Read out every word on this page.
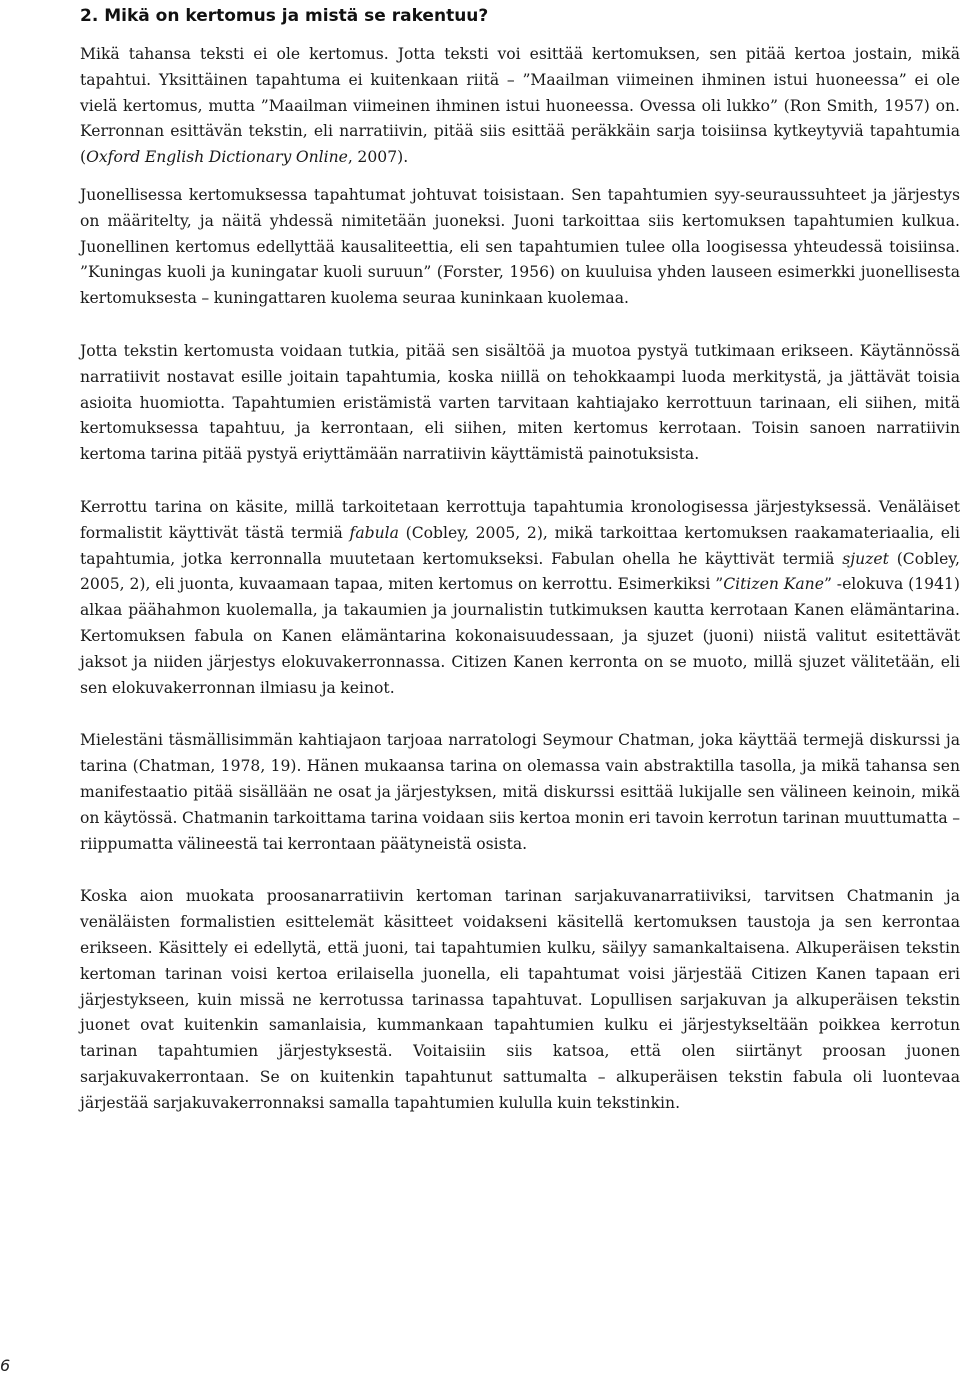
2. Mikä on kertomus ja mistä se rakentuu?

Mikä tahansa teksti ei ole kertomus. Jotta teksti voi esittää kertomuksen, sen pitää kertoa jostain, mikä tapahtui. Yksittäinen tapahtuma ei kuitenkaan riitä – ”Maailman viimeinen ihminen istui huoneessa” ei ole vielä kertomus, mutta ”Maailman viimeinen ihminen istui huoneessa. Ovessa oli lukko” (Ron Smith, 1957) on. Kerronnan esittävän tekstin, eli narratiivin, pitää siis esittää peräkkäin sarja toisiinsa kytkeytyviä tapahtumia (Oxford English Dictionary Online, 2007).

Juonellisessa kertomuksessa tapahtumat johtuvat toisistaan. Sen tapahtumien syy-seuraussuhteet ja järjestys on määritelty, ja näitä yhdessä nimitetään juoneksi. Juoni tarkoittaa siis kertomuksen tapahtumien kulkua. Juonellinen kertomus edellyttää kausaliteettia, eli sen tapahtumien tulee olla loogisessa yhteudessä toisiinsa. ”Kuningas kuoli ja kuningatar kuoli suruun” (Forster, 1956) on kuuluisa yhden lauseen esimerkki juonellisesta kertomuksesta – kuningattaren kuolema seuraa kuninkaan kuolemaa.

Jotta tekstin kertomusta voidaan tutkia, pitää sen sisältöä ja muotoa pystyä tutkimaan erikseen. Käytännössä narratiivit nostavat esille joitain tapahtumia, koska niillä on tehokkaampi luoda merkitystä, ja jättävät toisia asioita huomiotta. Tapahtumien eristämistä varten tarvitaan kahtiajako kerrottuun tarinaan, eli siihen, mitä kertomuksessa tapahtuu, ja kerrontaan, eli siihen, miten kertomus kerrotaan. Toisin sanoen narratiivin kertoma tarina pitää pystyä eriyttämään narratiivin käyttämistä painotuksista.

Kerrottu tarina on käsite, millä tarkoitetaan kerrottuja tapahtumia kronologisessa järjestyksessä. Venäläiset formalistit käyttivät tästä termiä fabula (Cobley, 2005, 2), mikä tarkoittaa kertomuksen raakamateriaalia, eli tapahtumia, jotka kerronnalla muutetaan kertomukseksi. Fabulan ohella he käyttivät termiä sjuzet (Cobley, 2005, 2), eli juonta, kuvaamaan tapaa, miten kertomus on kerrottu. Esimerkiksi ”Citizen Kane” -elokuva (1941) alkaa päähahmon kuolemalla, ja takaumien ja journalistin tutkimuksen kautta kerrotaan Kanen elämäntarina. Kertomuksen fabula on Kanen elämäntarina kokonaisuudessaan, ja sjuzet (juoni) niistä valitut esitettävät jaksot ja niiden järjestys elokuvakerronnassa. Citizen Kanen kerronta on se muoto, millä sjuzet välitetään, eli sen elokuvakerronnan ilmiasu ja keinot.

Mielestäni täsmällisimmän kahtiajaon tarjoaa narratologi Seymour Chatman, joka käyttää termejä diskurssi ja tarina (Chatman, 1978, 19). Hänen mukaansa tarina on olemassa vain abstraktilla tasolla, ja mikä tahansa sen manifestaatio pitää sisällään ne osat ja järjestyksen, mitä diskurssi esittää lukijalle sen välineen keinoin, mikä on käytössä. Chatmanin tarkoittama tarina voidaan siis kertoa monin eri tavoin kerrotun tarinan muuttumatta – riippumatta välineestä tai kerrontaan päätyneistä osista.

Koska aion muokata proosanarratiivin kertoman tarinan sarjakuvanarratiiviksi, tarvitsen Chatmanin ja venäläisten formalistien esittelemät käsitteet voidakseni käsitellä kertomuksen taustoja ja sen kerrontaa erikseen. Käsittely ei edellytä, että juoni, tai tapahtumien kulku, säilyy samankaltaisena. Alkuperäisen tekstin kertoman tarinan voisi kertoa erilaisella juonella, eli tapahtumat voisi järjestää Citizen Kanen tapaan eri järjestykseen, kuin missä ne kerrotussa tarinassa tapahtuvat. Lopullisen sarjakuvan ja alkuperäisen tekstin juonet ovat kuitenkin samanlaisia, kummankaan tapahtumien kulku ei järjestykseltään poikkea kerrotun tarinan tapahtumien järjestyksestä. Voitaisiin siis katsoa, että olen siirtänyt proosan juonen sarjakuvakerrontaan. Se on kuitenkin tapahtunut sattumalta – alkuperäisen tekstin fabula oli luontevaa järjestää sarjakuvakerronnaksi samalla tapahtumien kululla kuin tekstinkin.

6
